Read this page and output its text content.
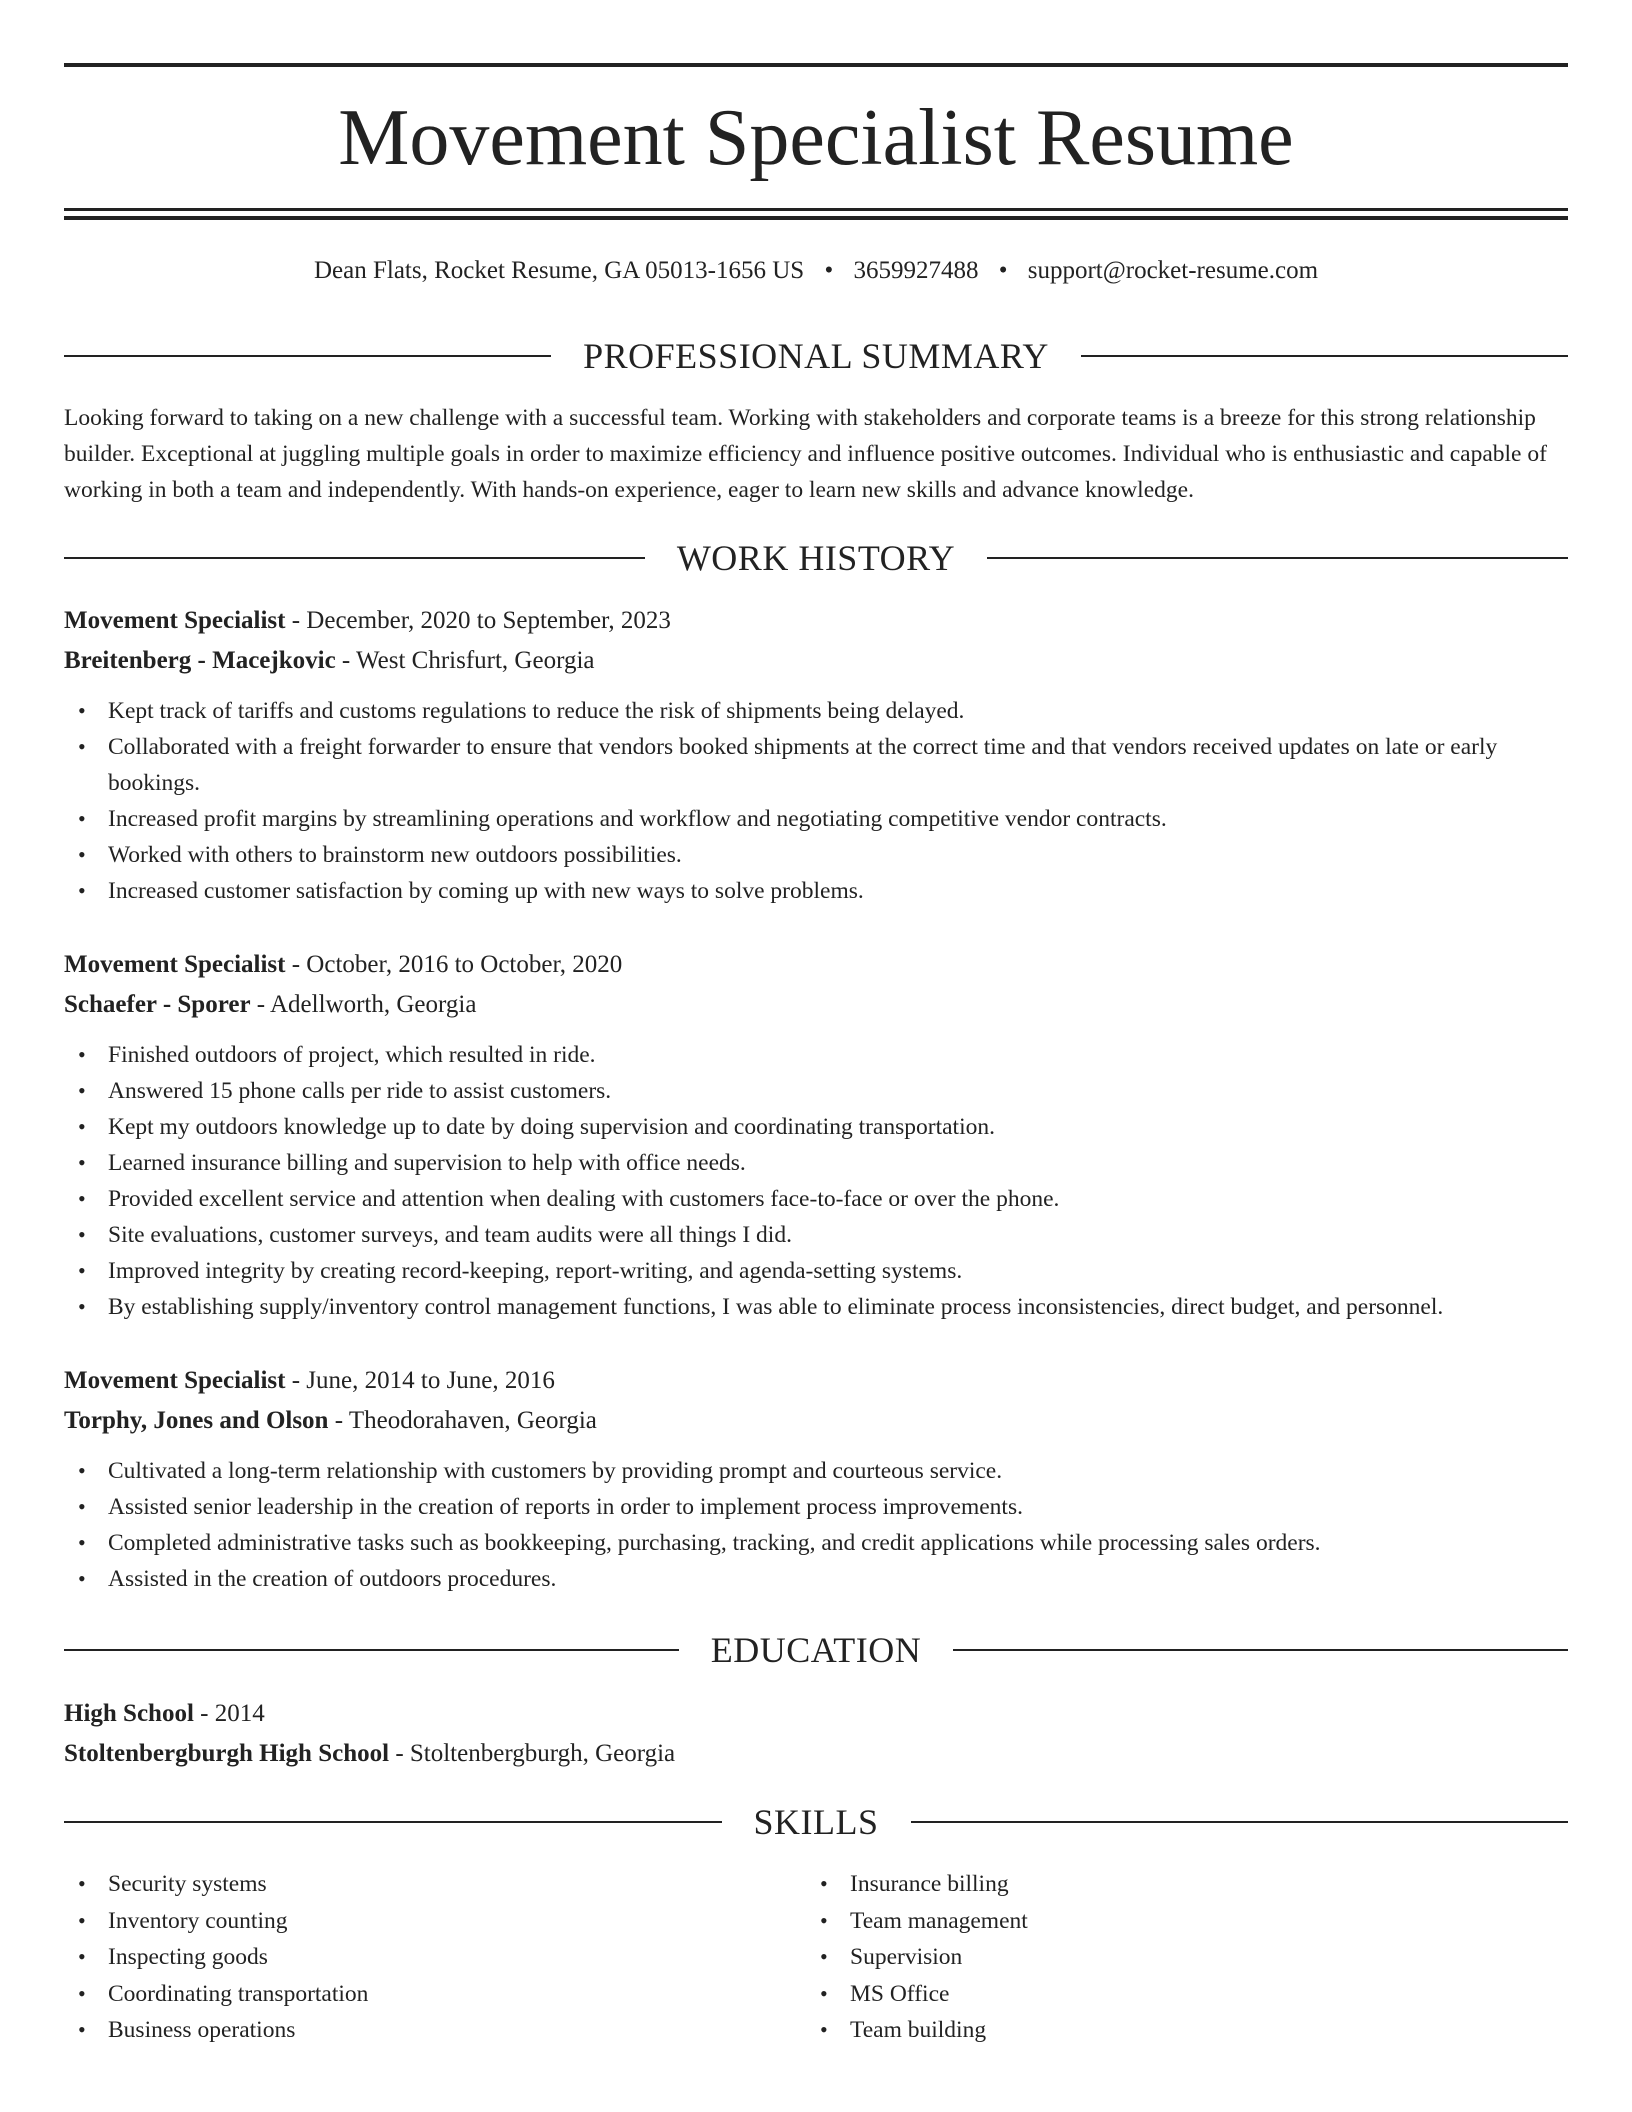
Movement Specialist Resume
Dean Flats, Rocket Resume, GA 05013-1656 US • 3659927488 • support@rocket-resume.com
PROFESSIONAL SUMMARY

Looking forward to taking on a new challenge with a successful team. Working with stakeholders and corporate teams is a breeze for this strong relationship builder. Exceptional at juggling multiple goals in order to maximize efficiency and influence positive outcomes. Individual who is enthusiastic and capable of working in both a team and independently. With hands-on experience, eager to learn new skills and advance knowledge.

WORK HISTORY
Movement Specialist - December, 2020 to September, 2023
Breitenberg - Macejkovic - West Chrisfurt, Georgia
• Kept track of tariffs and customs regulations to reduce the risk of shipments being delayed.
• Collaborated with a freight forwarder to ensure that vendors booked shipments at the correct time and that vendors received updates on late or early bookings.
• Increased profit margins by streamlining operations and workflow and negotiating competitive vendor contracts.
• Worked with others to brainstorm new outdoors possibilities.
• Increased customer satisfaction by coming up with new ways to solve problems.
Movement Specialist - October, 2016 to October, 2020
Schaefer - Sporer - Adellworth, Georgia
• Finished outdoors of project, which resulted in ride.
• Answered 15 phone calls per ride to assist customers.
• Kept my outdoors knowledge up to date by doing supervision and coordinating transportation.
• Learned insurance billing and supervision to help with office needs.
• Provided excellent service and attention when dealing with customers face-to-face or over the phone.
• Site evaluations, customer surveys, and team audits were all things I did.
• Improved integrity by creating record-keeping, report-writing, and agenda-setting systems.
• By establishing supply/inventory control management functions, I was able to eliminate process inconsistencies, direct budget, and personnel.
Movement Specialist - June, 2014 to June, 2016
Torphy, Jones and Olson - Theodorahaven, Georgia
• Cultivated a long-term relationship with customers by providing prompt and courteous service.
• Assisted senior leadership in the creation of reports in order to implement process improvements.
• Completed administrative tasks such as bookkeeping, purchasing, tracking, and credit applications while processing sales orders.
• Assisted in the creation of outdoors procedures.
EDUCATION
High School - 2014
Stoltenbergburgh High School - Stoltenbergburgh, Georgia
SKILLS
• Security systems
• Inventory counting
• Inspecting goods
• Coordinating transportation
• Business operations
• Insurance billing
• Team management
• Supervision
• MS Office
• Team building
